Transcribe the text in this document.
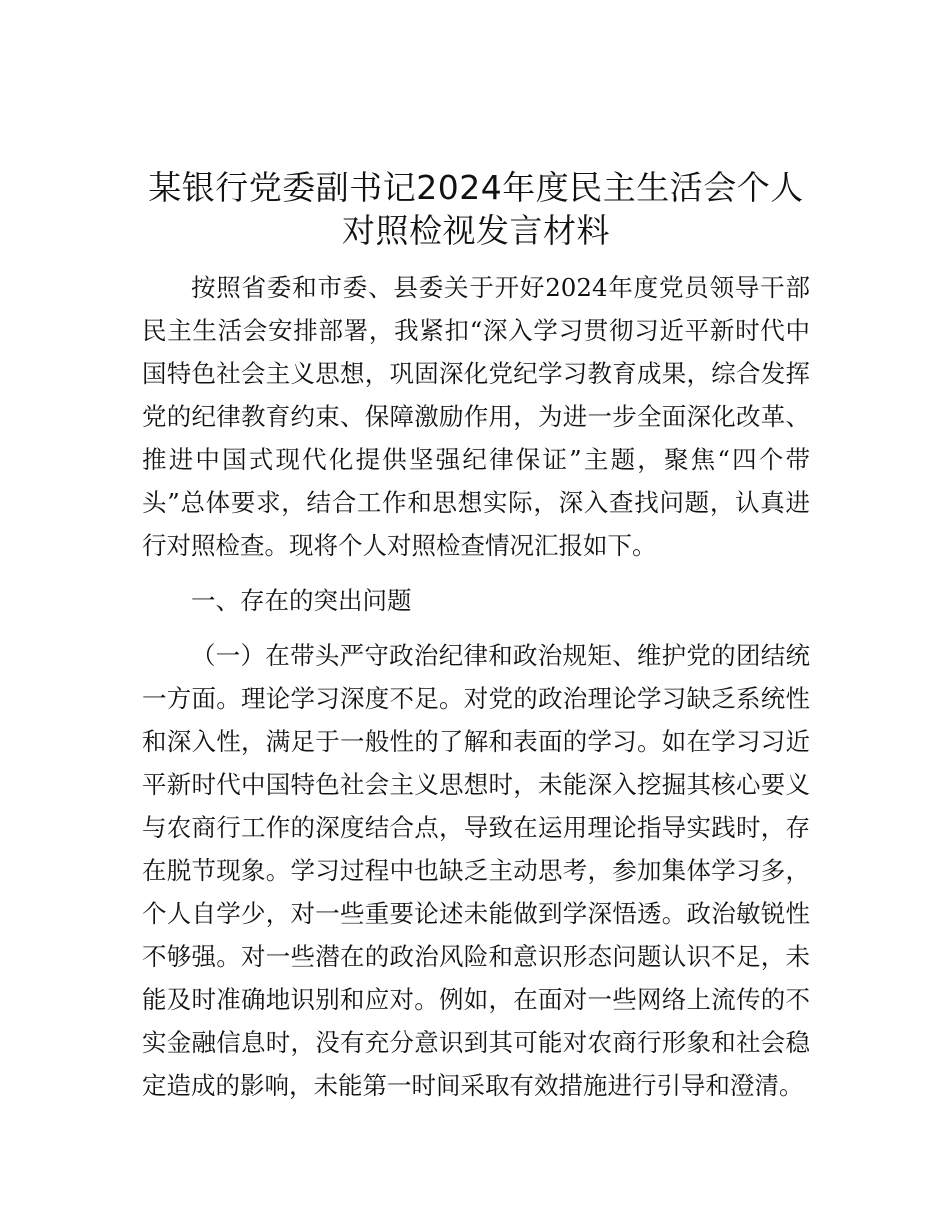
某银行党委副书记2024年度民主生活会个人对照检视发言材料

按照省委和市委、县委关于开好2024年度党员领导干部民主生活会安排部署，我紧扣“深入学习贯彻习近平新时代中国特色社会主义思想，巩固深化党纪学习教育成果，综合发挥党的纪律教育约束、保障激励作用，为进一步全面深化改革、推进中国式现代化提供坚强纪律保证”主题，聚焦“四个带头”总体要求，结合工作和思想实际，深入查找问题，认真进行对照检查。现将个人对照检查情况汇报如下。

一、存在的突出问题

（一）在带头严守政治纪律和政治规矩、维护党的团结统一方面。理论学习深度不足。对党的政治理论学习缺乏系统性和深入性，满足于一般性的了解和表面的学习。如在学习习近平新时代中国特色社会主义思想时，未能深入挖掘其核心要义与农商行工作的深度结合点，导致在运用理论指导实践时，存在脱节现象。学习过程中也缺乏主动思考，参加集体学习多，个人自学少，对一些重要论述未能做到学深悟透。政治敏锐性不够强。对一些潜在的政治风险和意识形态问题认识不足，未能及时准确地识别和应对。例如，在面对一些网络上流传的不实金融信息时，没有充分意识到其可能对农商行形象和社会稳定造成的影响，未能第一时间采取有效措施进行引导和澄清。
